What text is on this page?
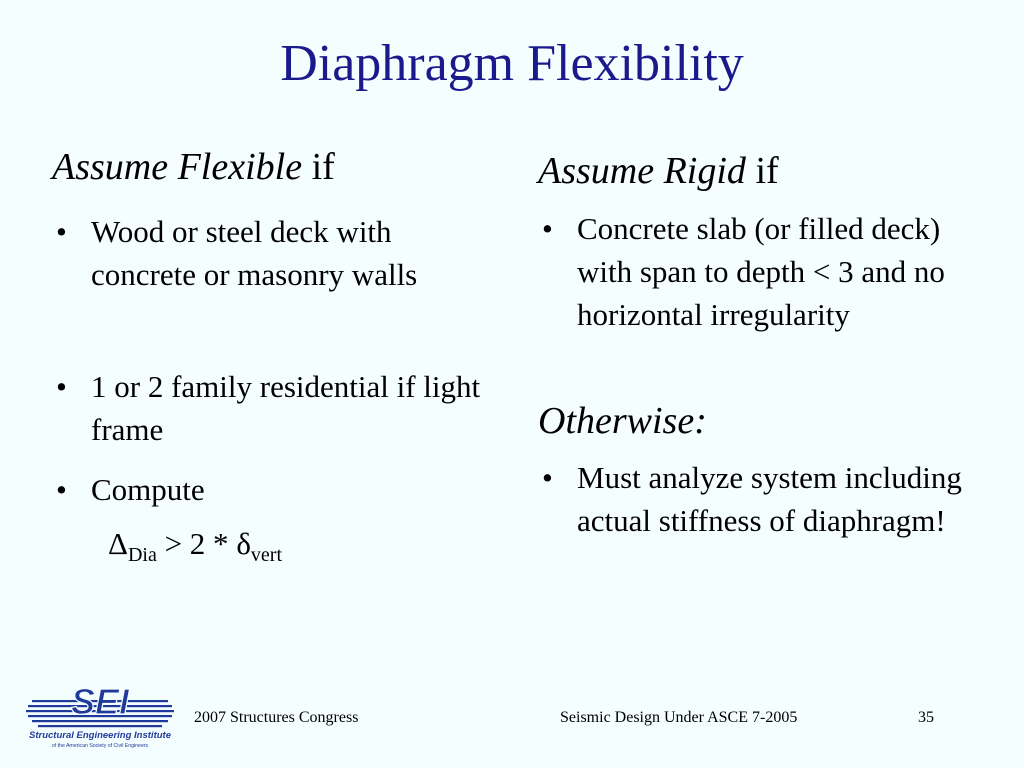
Diaphragm Flexibility
Assume Flexible if
• Wood or steel deck with concrete or masonry walls
• 1 or 2 family residential if light frame
• Compute
$\Delta_{Dia} > 2 * \delta_{vert}$
Assume Rigid if
• Concrete slab (or filled deck) with span to depth < 3 and no horizontal irregularity
Otherwise:
• Must analyze system including actual stiffness of diaphragm!
SEI
Structural Engineering Institute
of the American Society of Civil Engineers
2007 Structures Congress	Seismic Design Under ASCE 7-2005	35
